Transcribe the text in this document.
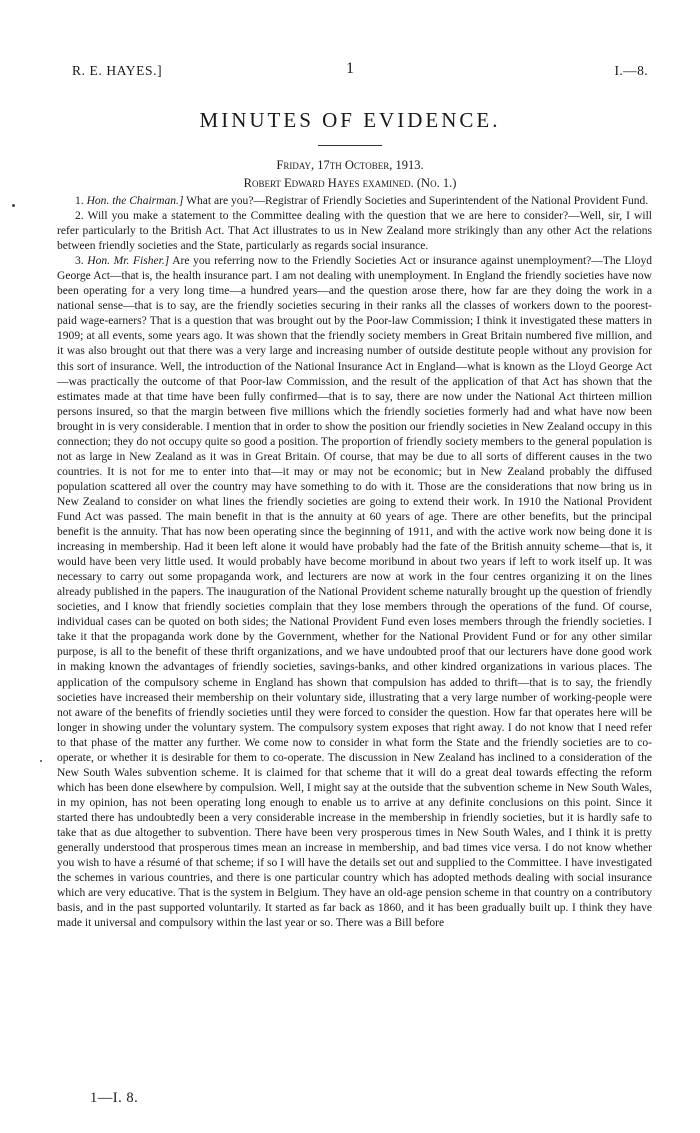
R. E. HAYES.]	1	I.—8.
MINUTES OF EVIDENCE.
Friday, 17th October, 1913.
Robert Edward Hayes examined. (No. 1.)

1. Hon. the Chairman.] What are you?—Registrar of Friendly Societies and Superintendent of the National Provident Fund.

2. Will you make a statement to the Committee dealing with the question that we are here to consider?—Well, sir, I will refer particularly to the British Act. That Act illustrates to us in New Zealand more strikingly than any other Act the relations between friendly societies and the State, particularly as regards social insurance.

3. Hon. Mr. Fisher.] Are you referring now to the Friendly Societies Act or insurance against unemployment?—The Lloyd George Act—that is, the health insurance part. I am not dealing with unemployment. In England the friendly societies have now been operating for a very long time—a hundred years—and the question arose there, how far are they doing the work in a national sense—that is to say, are the friendly societies securing in their ranks all the classes of workers down to the poorest-paid wage-earners? That is a question that was brought out by the Poor-law Commission; I think it investigated these matters in 1909; at all events, some years ago. It was shown that the friendly society members in Great Britain numbered five million, and it was also brought out that there was a very large and increasing number of outside destitute people without any provision for this sort of insurance. Well, the introduction of the National Insurance Act in England—what is known as the Lloyd George Act—was practically the outcome of that Poor-law Commission, and the result of the application of that Act has shown that the estimates made at that time have been fully confirmed—that is to say, there are now under the National Act thirteen million persons insured, so that the margin between five millions which the friendly societies formerly had and what have now been brought in is very considerable. I mention that in order to show the position our friendly societies in New Zealand occupy in this connection; they do not occupy quite so good a position. The proportion of friendly society members to the general population is not as large in New Zealand as it was in Great Britain. Of course, that may be due to all sorts of different causes in the two countries. It is not for me to enter into that—it may or may not be economic; but in New Zealand probably the diffused population scattered all over the country may have something to do with it. Those are the considerations that now bring us in New Zealand to consider on what lines the friendly societies are going to extend their work. In 1910 the National Provident Fund Act was passed. The main benefit in that is the annuity at 60 years of age. There are other benefits, but the principal benefit is the annuity. That has now been operating since the beginning of 1911, and with the active work now being done it is increasing in membership. Had it been left alone it would have probably had the fate of the British annuity scheme—that is, it would have been very little used. It would probably have become moribund in about two years if left to work itself up. It was necessary to carry out some propaganda work, and lecturers are now at work in the four centres organizing it on the lines already published in the papers. The inauguration of the National Provident scheme naturally brought up the question of friendly societies, and I know that friendly societies complain that they lose members through the operations of the fund. Of course, individual cases can be quoted on both sides; the National Provident Fund even loses members through the friendly societies. I take it that the propaganda work done by the Government, whether for the National Provident Fund or for any other similar purpose, is all to the benefit of these thrift organizations, and we have undoubted proof that our lecturers have done good work in making known the advantages of friendly societies, savings-banks, and other kindred organizations in various places. The application of the compulsory scheme in England has shown that compulsion has added to thrift—that is to say, the friendly societies have increased their membership on their voluntary side, illustrating that a very large number of working-people were not aware of the benefits of friendly societies until they were forced to consider the question. How far that operates here will be longer in showing under the voluntary system. The compulsory system exposes that right away. I do not know that I need refer to that phase of the matter any further. We come now to consider in what form the State and the friendly societies are to co-operate, or whether it is desirable for them to co-operate. The discussion in New Zealand has inclined to a consideration of the New South Wales subvention scheme. It is claimed for that scheme that it will do a great deal towards effecting the reform which has been done elsewhere by compulsion. Well, I might say at the outside that the subvention scheme in New South Wales, in my opinion, has not been operating long enough to enable us to arrive at any definite conclusions on this point. Since it started there has undoubtedly been a very considerable increase in the membership in friendly societies, but it is hardly safe to take that as due altogether to subvention. There have been very prosperous times in New South Wales, and I think it is pretty generally understood that prosperous times mean an increase in membership, and bad times vice versa. I do not know whether you wish to have a résumé of that scheme; if so I will have the details set out and supplied to the Committee. I have investigated the schemes in various countries, and there is one particular country which has adopted methods dealing with social insurance which are very educative. That is the system in Belgium. They have an old-age pension scheme in that country on a contributory basis, and in the past supported voluntarily. It started as far back as 1860, and it has been gradually built up. I think they have made it universal and compulsory within the last year or so. There was a Bill before

1—I. 8.
